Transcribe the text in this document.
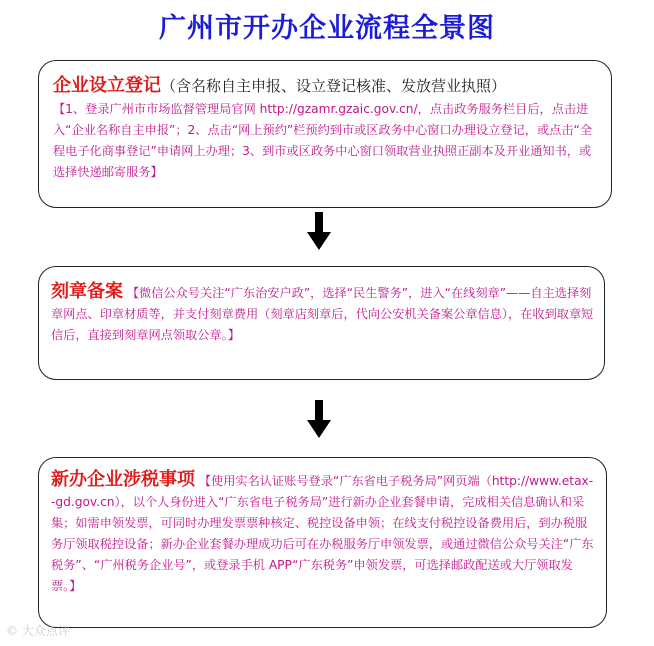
广州市开办企业流程全景图
企业设立登记（含名称自主申报、设立登记核准、发放营业执照）
【1、登录广州市市场监督管理局官网 http://gzamr.gzaic.gov.cn/，点击政务服务栏目后，点击进入“企业名称自主申报”；2、点击“网上预约”栏预约到市或区政务中心窗口办理设立登记，或点击“全程电子化商事登记”申请网上办理；3、到市或区政务中心窗口领取营业执照正副本及开业通知书，或选择快递邮寄服务】
刻章备案 【微信公众号关注“广东治安户政”，选择“民生警务”，进入“在线刻章”——自主选择刻章网点、印章材质等，并支付刻章费用（刻章店刻章后，代向公安机关备案公章信息），在收到取章短信后，直接到刻章网点领取公章。】
新办企业涉税事项 【使用实名认证账号登录“广东省电子税务局”网页端（http://www.etax--gd.gov.cn），以个人身份进入“广东省电子税务局”进行新办企业套餐申请，完成相关信息确认和采集；如需申领发票，可同时办理发票票种核定、税控设备申领；在线支付税控设备费用后，到办税服务厅领取税控设备；新办企业套餐办理成功后可在办税服务厅申领发票，或通过微信公众号关注“广东税务”、“广州税务企业号”，或登录手机 APP“广东税务”申领发票，可选择邮政配送或大厅领取发票。】
© 大众点评
